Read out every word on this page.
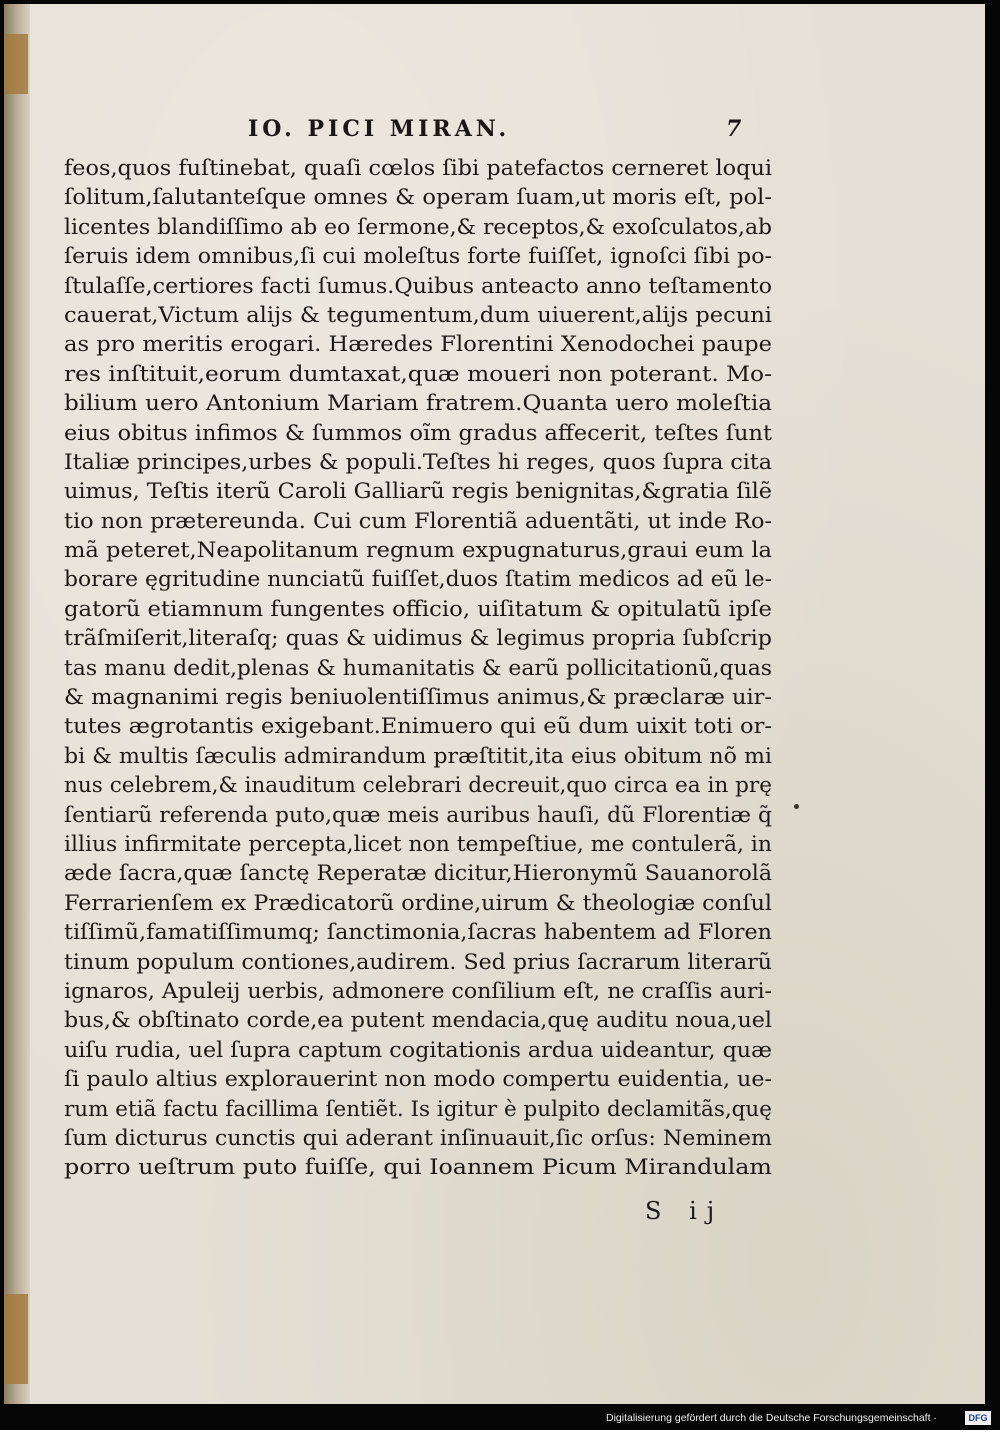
IO. PICI MIRAN.	7
feos,quos fuſtinebat, quaſi cœlos ſibi patefactos cerneret loqui
ſolitum,ſalutanteſque omnes & operam ſuam,ut moris eſt, pol-
licentes blandiſſimo ab eo ſermone,& receptos,& exoſculatos,ab
ſeruis idem omnibus,ſi cui moleſtus forte fuiſſet, ignoſci ſibi po-
ſtulaſſe,certiores facti ſumus.Quibus anteacto anno teſtamento
cauerat,Victum alijs & tegumentum,dum uiuerent,alijs pecuni
as pro meritis erogari. Hæredes Florentini Xenodochei paupe
res inſtituit,eorum dumtaxat,quæ moueri non poterant. Mo-
bilium uero Antonium Mariam fratrem.Quanta uero moleſtia
eius obitus infimos & ſummos oı̃m gradus affecerit, teſtes ſunt
Italiæ principes,urbes & populi.Teſtes hi reges, quos ſupra cita
uimus, Teſtis iterũ Caroli Galliarũ regis benignitas,&gratia ſilẽ
tio non prætereunda. Cui cum Florentiã aduentãti, ut inde Ro-
mã peteret,Neapolitanum regnum expugnaturus,graui eum la
borare ęgritudine nunciatũ fuiſſet,duos ſtatim medicos ad eũ le-
gatorũ etiamnum fungentes officio, uiſitatum & opitulatũ ipſe
trãſmiſerit,literaſq; quas & uidimus & legimus propria ſubſcrip
tas manu dedit,plenas & humanitatis & earũ pollicitationũ,quas
& magnanimi regis beniuolentiſſimus animus,& præclaræ uir-
tutes ægrotantis exigebant.Enimuero qui eũ dum uixit toti or-
bi & multis ſæculis admirandum præſtitit,ita eius obitum nõ mi
nus celebrem,& inauditum celebrari decreuit,quo circa ea in prę
ſentiarũ referenda puto,quæ meis auribus hauſi, dũ Florentiæ q̃
illius infirmitate percepta,licet non tempeſtiue, me contulerã, in
æde ſacra,quæ ſanctę Reperatæ dicitur,Hieronymũ Sauanorolã
Ferrarienſem ex Prædicatorũ ordine,uirum & theologiæ conſul
tiſſimũ,famatiſſimumq; ſanctimonia,ſacras habentem ad Floren
tinum populum contiones,audirem. Sed prius ſacrarum literarũ
ignaros, Apuleij uerbis, admonere conſilium eſt, ne craſſis auri-
bus,& obſtinato corde,ea putent mendacia,quę auditu noua,uel
uiſu rudia, uel ſupra captum cogitationis ardua uideantur, quæ
ſi paulo altius explorauerint non modo compertu euidentia, ue-
rum etiã factu facillima ſentiẽt. Is igitur è pulpito declamitãs,quę
ſum dicturus cunctis qui aderant inſinuauit,ſic orſus: Neminem
porro ueſtrum puto fuiſſe, qui Ioannem Picum Mirandulam
S ij
Digitalisierung gefördert durch die Deutsche Forschungsgemeinschaft ·	DFG
